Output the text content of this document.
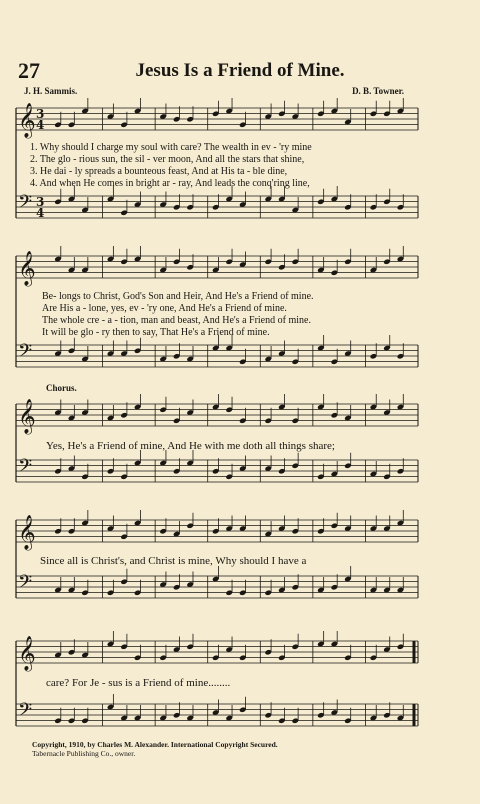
𝄞
𝄢
𝄞
𝄢
𝄞
𝄢
𝄞
𝄢
𝄞
𝄢
3
4
3
4
27	Jesus Is a Friend of Mine.
J. H. Sammis.	D. B. Towner.
1. Why should I charge my soul with care? The wealth in ev - 'ry mine
2. The glo - rious sun, the sil - ver moon, And all the stars that shine,
3. He dai - ly spreads a bounteous feast, And at His ta - ble dine,
4. And when He comes in bright ar - ray, And leads the conq'ring line,
Be- longs to Christ, God's Son and Heir, And He's a Friend of mine.
Are His a - lone, yes, ev - 'ry one, And He's a Friend of mine.
The whole cre - a - tion, man and beast, And He's a Friend of mine.
It will be glo - ry then to say, That He's a Friend of mine.
Chorus.
Yes, He's a Friend of mine, And He with me doth all things share;
Since all is Christ's, and Christ is mine, Why should I have a
care? For Je - sus is a Friend of mine........
Copyright, 1910, by Charles M. Alexander. International Copyright Secured.
Tabernacle Publishing Co., owner.
